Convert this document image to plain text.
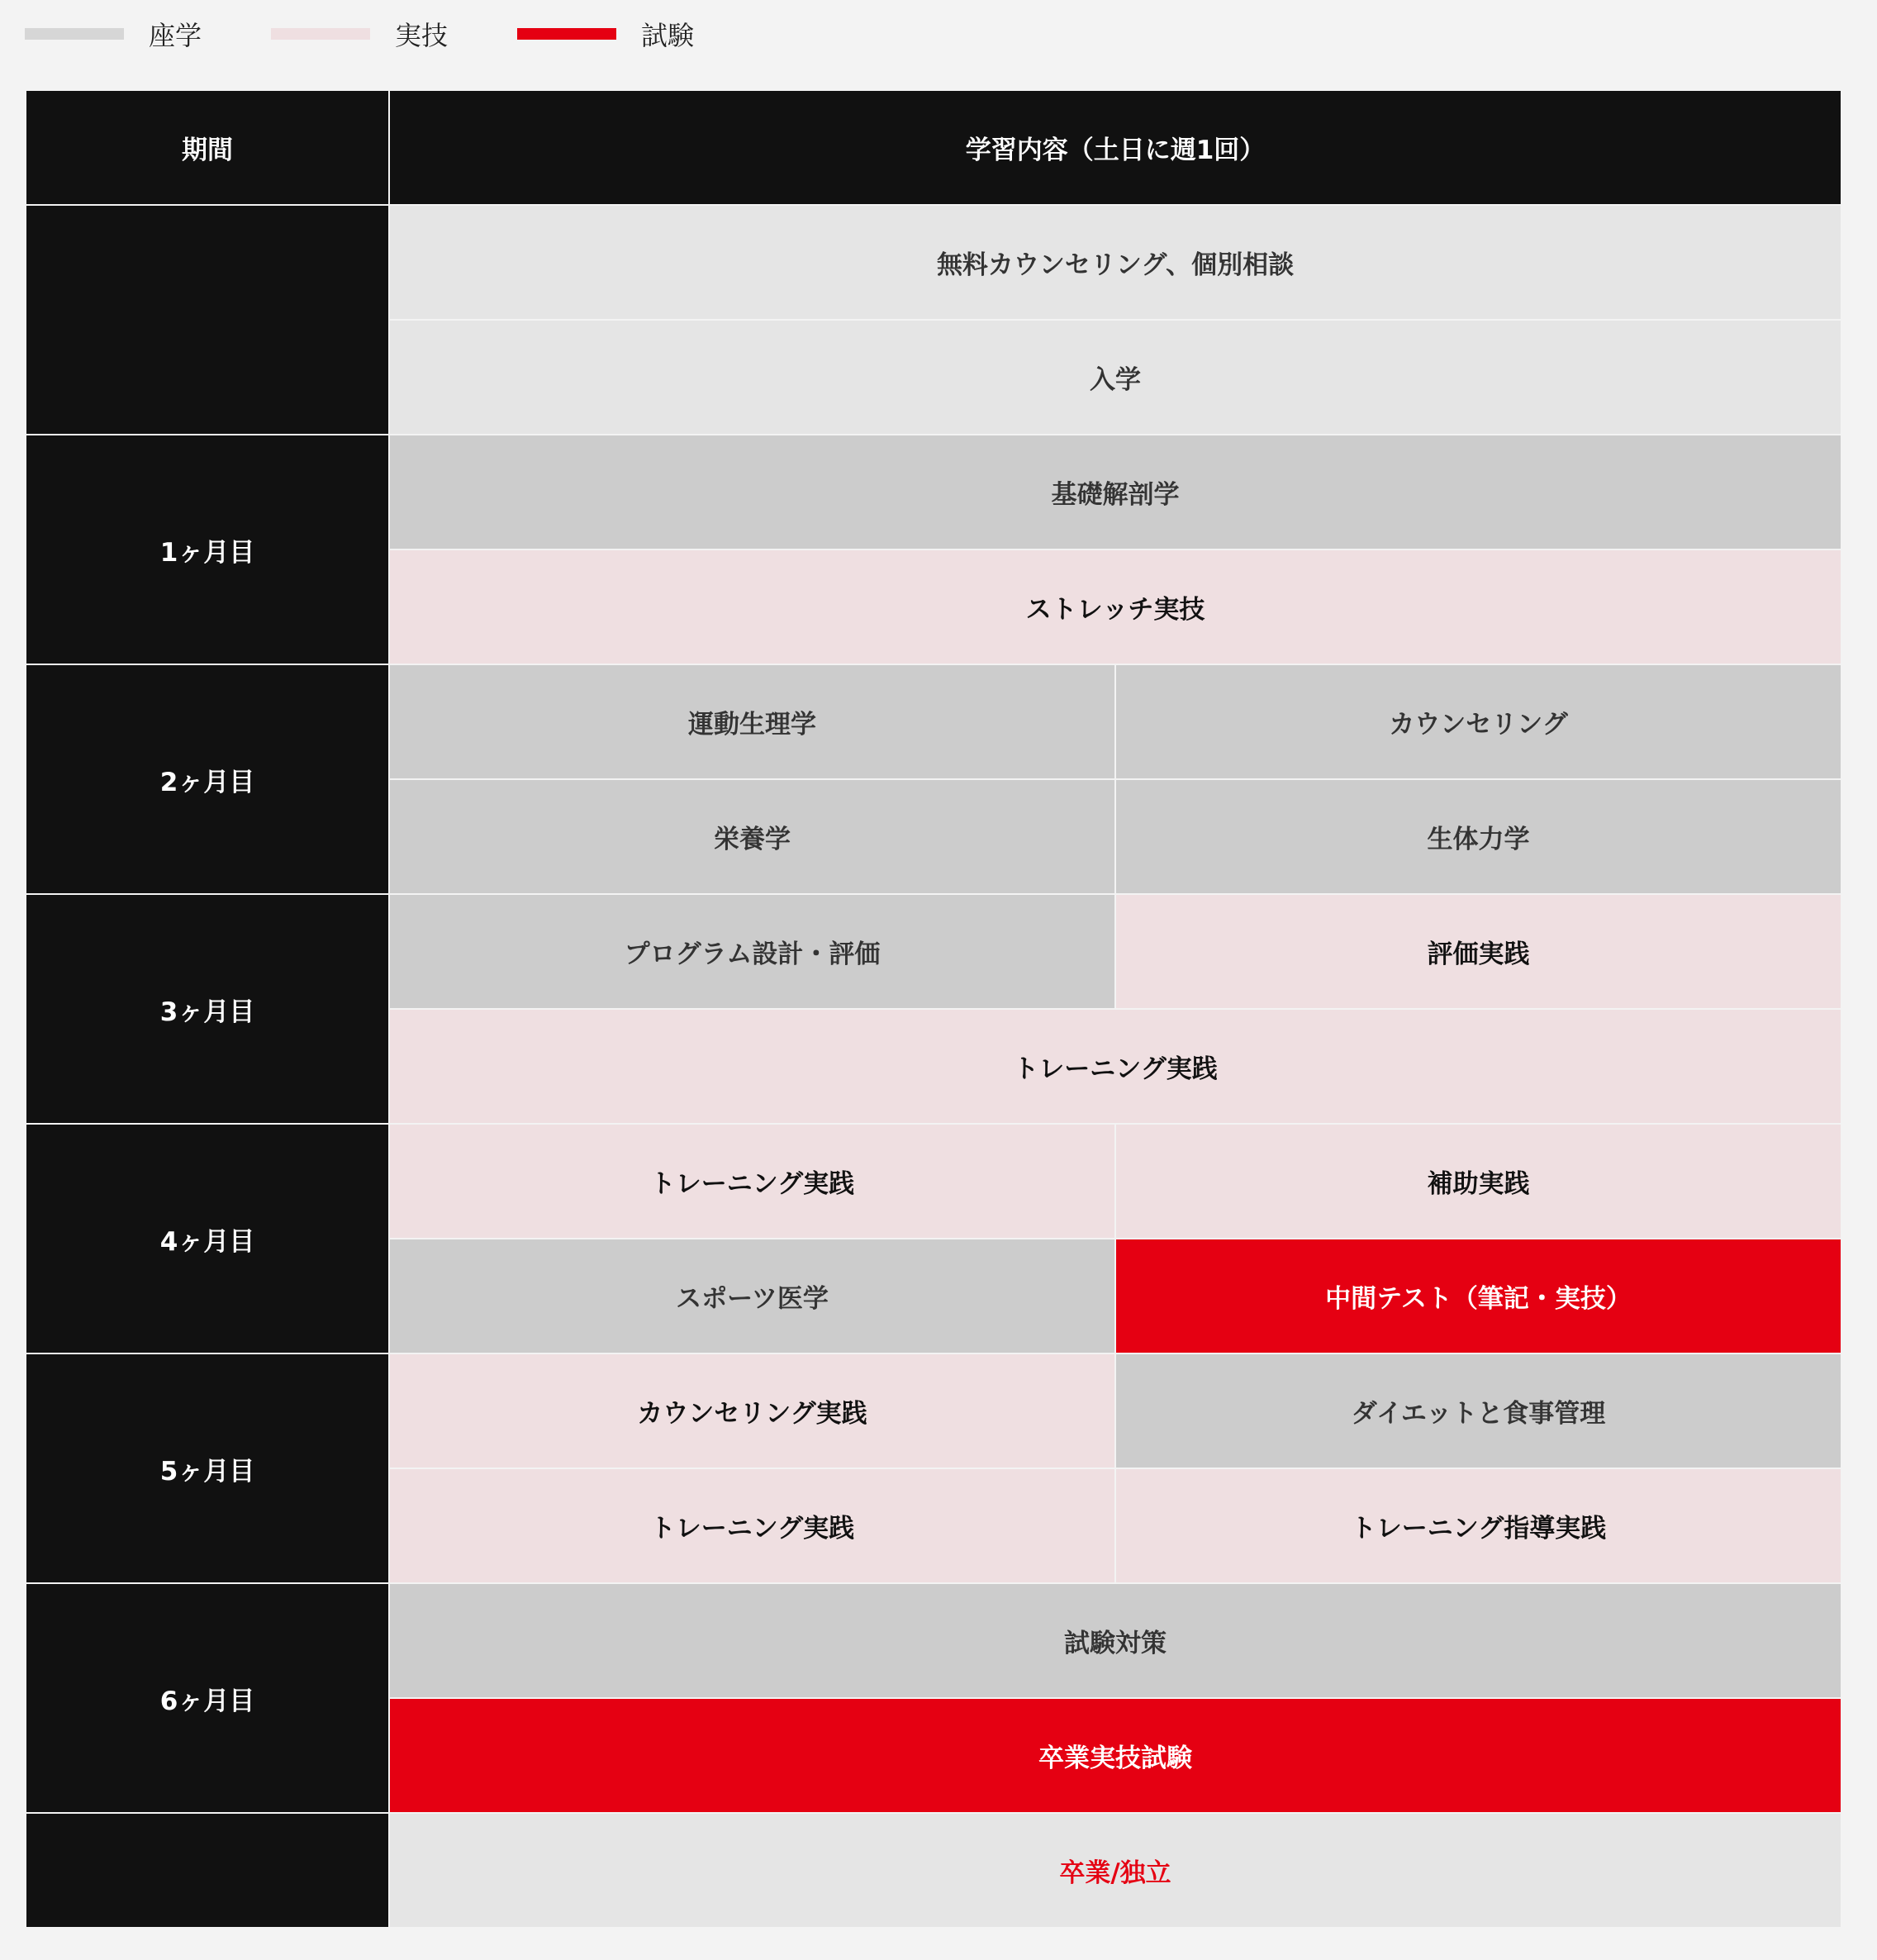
座学	実技	試験
期間	学習内容（土日に週1回）	
	無料カウンセリング、個別相談	
	入学	
1ヶ月目	基礎解剖学	
	ストレッチ実技	
2ヶ月目	運動生理学	カウンセリング
	栄養学	生体力学
3ヶ月目	プログラム設計・評価	評価実践
	トレーニング実践	
4ヶ月目	トレーニング実践	補助実践
	スポーツ医学	中間テスト（筆記・実技）
5ヶ月目	カウンセリング実践	ダイエットと食事管理
	トレーニング実践	トレーニング指導実践
6ヶ月目	試験対策	
	卒業実技試験	
	卒業/独立	
